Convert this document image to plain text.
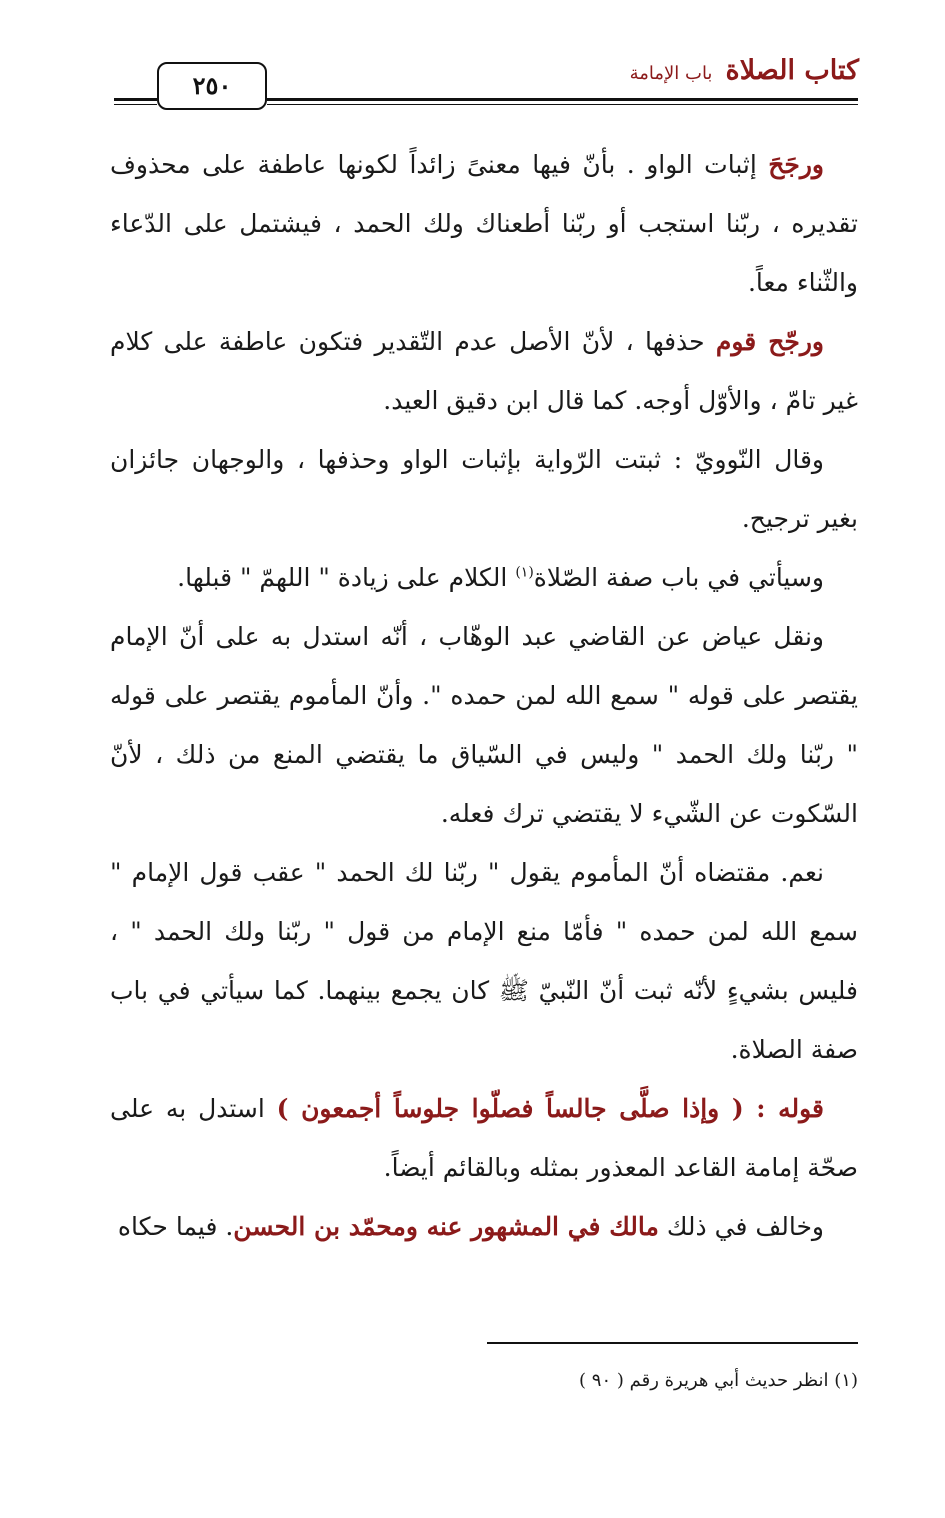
كتاب الصلاة باب الإمامة
٢٥٠

ورجَحَ إثبات الواو . بأنّ فيها معنىً زائداً لكونها عاطفة على محذوف تقديره ، ربّنا استجب أو ربّنا أطعناك ولك الحمد ، فيشتمل على الدّعاء والثّناء معاً.

ورجّح قوم حذفها ، لأنّ الأصل عدم التّقدير فتكون عاطفة على كلام غير تامّ ، والأوّل أوجه. كما قال ابن دقيق العيد.

وقال النّوويّ : ثبتت الرّواية بإثبات الواو وحذفها ، والوجهان جائزان بغير ترجيح.

وسيأتي في باب صفة الصّلاة$^{(١)}$ الكلام على زيادة " اللهمّ " قبلها.

ونقل عياض عن القاضي عبد الوهّاب ، أنّه استدل به على أنّ الإمام يقتصر على قوله " سمع الله لمن حمده ". وأنّ المأموم يقتصر على قوله " ربّنا ولك الحمد " وليس في السّياق ما يقتضي المنع من ذلك ، لأنّ السّكوت عن الشّيء لا يقتضي ترك فعله.

نعم. مقتضاه أنّ المأموم يقول " ربّنا لك الحمد " عقب قول الإمام " سمع الله لمن حمده " فأمّا منع الإمام من قول " ربّنا ولك الحمد " ، فليس بشيءٍ لأنّه ثبت أنّ النّبيّ ﷺ كان يجمع بينهما. كما سيأتي في باب صفة الصلاة.

قوله : ( وإذا صلَّى جالساً فصلّوا جلوساً أجمعون ) استدل به على صحّة إمامة القاعد المعذور بمثله وبالقائم أيضاً.

وخالف في ذلك مالك في المشهور عنه ومحمّد بن الحسن. فيما حكاه

(١) انظر حديث أبي هريرة رقم ( ٩٠ )
